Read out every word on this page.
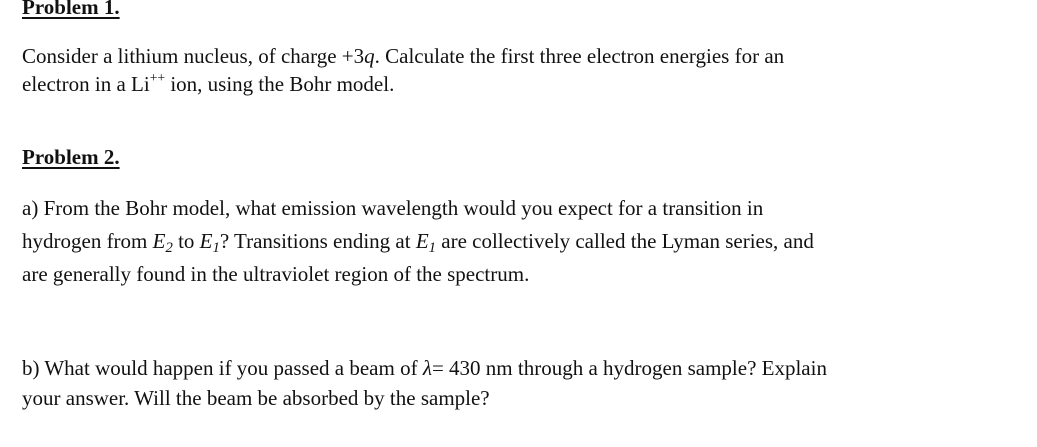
Problem 1.
Consider a lithium nucleus, of charge +3q. Calculate the first three electron energies for an
electron in a Li++ ion, using the Bohr model.
Problem 2.
a) From the Bohr model, what emission wavelength would you expect for a transition in
hydrogen from $E_2$ to $E_1$? Transitions ending at $E_1$ are collectively called the Lyman series, and
are generally found in the ultraviolet region of the spectrum.
b) What would happen if you passed a beam of λ= 430 nm through a hydrogen sample? Explain
your answer. Will the beam be absorbed by the sample?
